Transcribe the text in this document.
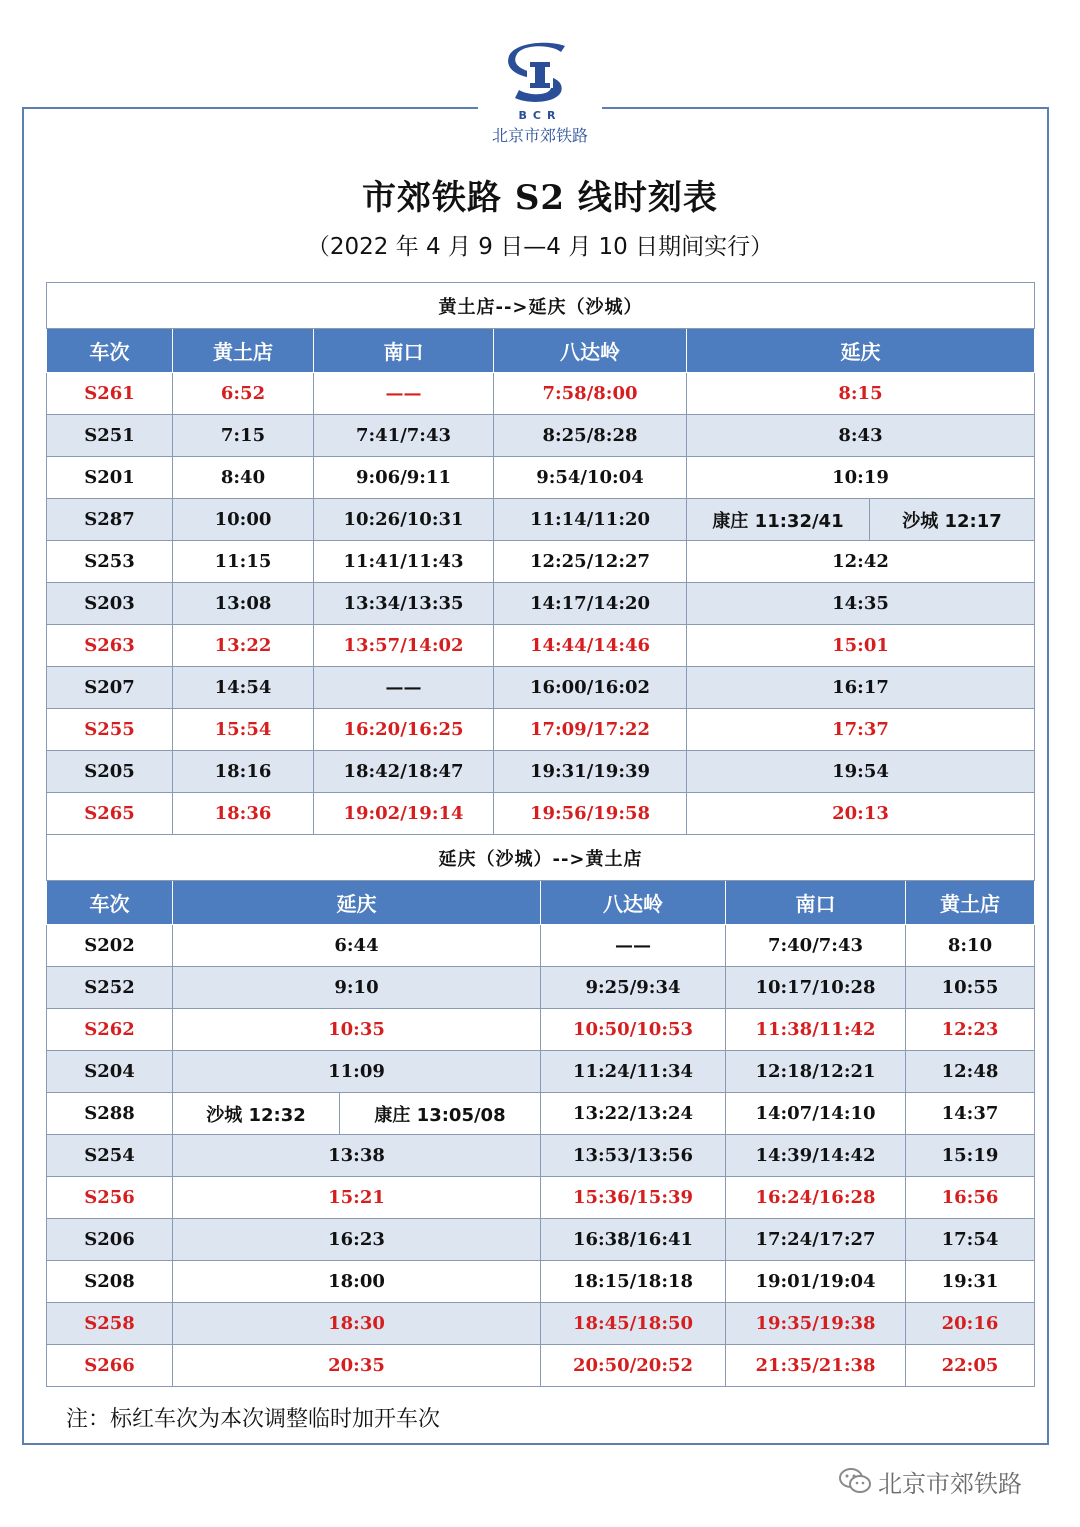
BCR
北京市郊铁路
市郊铁路 S2 线时刻表
（2022 年 4 月 9 日—4 月 10 日期间实行）
黄土店-->延庆（沙城）					
车次	黄土店	南口	八达岭	延庆	
S261	6:52	——	7:58/8:00	8:15	
S251	7:15	7:41/7:43	8:25/8:28	8:43	
S201	8:40	9:06/9:11	9:54/10:04	10:19	
S287	10:00	10:26/10:31	11:14/11:20	康庄 11:32/41	沙城 12:17
S253	11:15	11:41/11:43	12:25/12:27	12:42	
S203	13:08	13:34/13:35	14:17/14:20	14:35	
S263	13:22	13:57/14:02	14:44/14:46	15:01	
S207	14:54	——	16:00/16:02	16:17	
S255	15:54	16:20/16:25	17:09/17:22	17:37	
S205	18:16	18:42/18:47	19:31/19:39	19:54	
S265	18:36	19:02/19:14	19:56/19:58	20:13	
延庆（沙城）-->黄土店					
车次	延庆		八达岭	南口	黄土店
S202	6:44		——	7:40/7:43	8:10
S252	9:10		9:25/9:34	10:17/10:28	10:55
S262	10:35		10:50/10:53	11:38/11:42	12:23
S204	11:09		11:24/11:34	12:18/12:21	12:48
S288	沙城 12:32	康庄 13:05/08	13:22/13:24	14:07/14:10	14:37
S254	13:38		13:53/13:56	14:39/14:42	15:19
S256	15:21		15:36/15:39	16:24/16:28	16:56
S206	16:23		16:38/16:41	17:24/17:27	17:54
S208	18:00		18:15/18:18	19:01/19:04	19:31
S258	18:30		18:45/18:50	19:35/19:38	20:16
S266	20:35		20:50/20:52	21:35/21:38	22:05
注：标红车次为本次调整临时加开车次
北京市郊铁路
